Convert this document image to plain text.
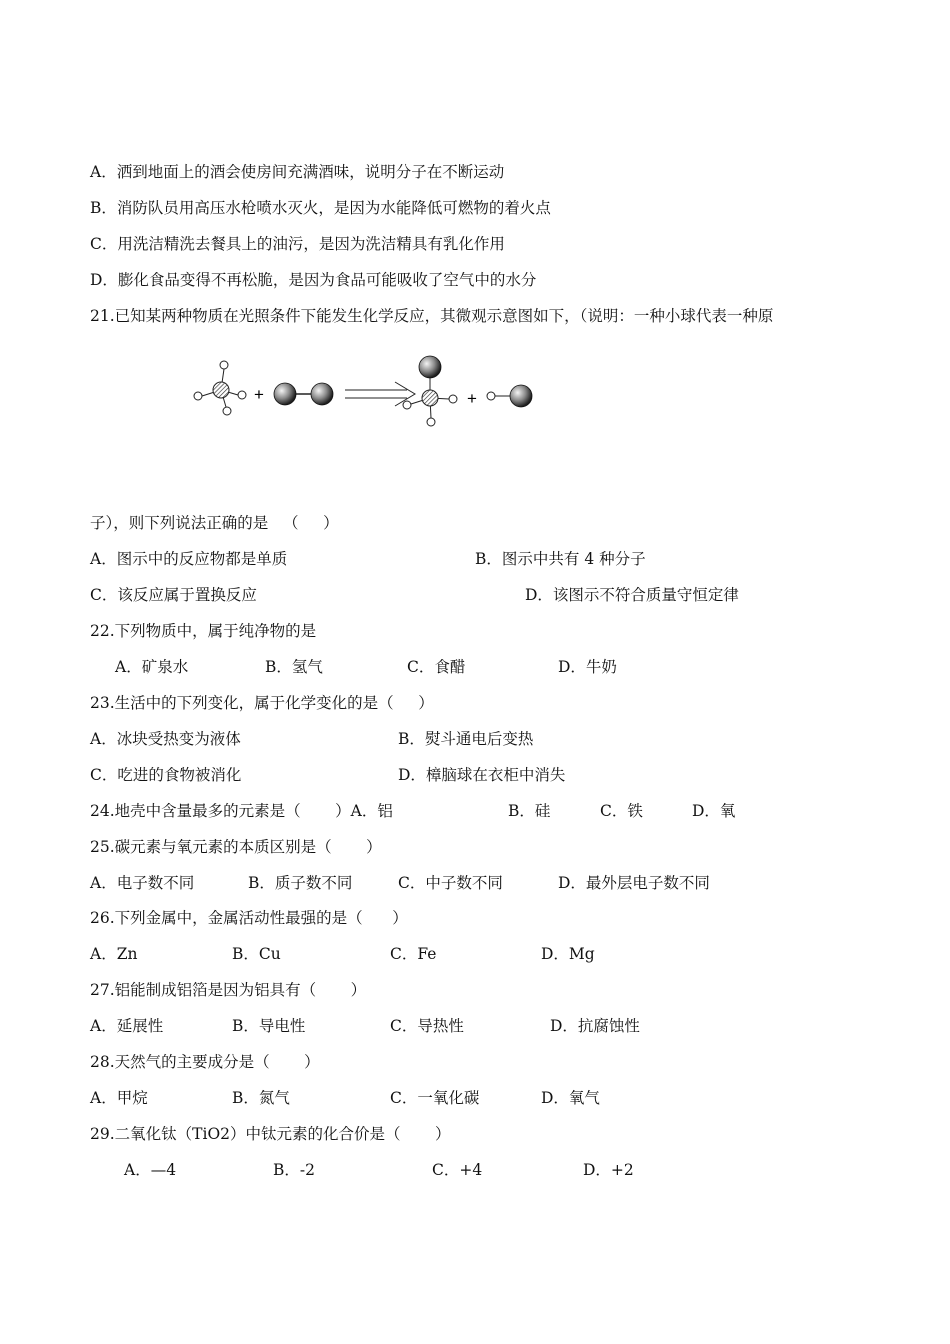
A．洒到地面上的酒会使房间充满酒味，说明分子在不断运动
B．消防队员用高压水枪喷水灭火，是因为水能降低可燃物的着火点
C．用洗洁精洗去餐具上的油污，是因为洗洁精具有乳化作用
D．膨化食品变得不再松脆，是因为食品可能吸收了空气中的水分
21.已知某两种物质在光照条件下能发生化学反应，其微观示意图如下，（说明：一种小球代表一种原
+	+
子），则下列说法正确的是   （     ）
A．图示中的反应物都是单质	B．图示中共有 4 种分子
C．该反应属于置换反应	D．该图示不符合质量守恒定律
22.下列物质中，属于纯净物的是
A．矿泉水	B．氢气	C．食醋	D．牛奶
23.生活中的下列变化，属于化学变化的是（     ）
A．冰块受热变为液体	B．熨斗通电后变热
C．吃进的食物被消化	D．樟脑球在衣柜中消失
24.地壳中含量最多的元素是（       ）A．铝	B．硅	C．铁	D．氧
25.碳元素与氧元素的本质区别是（       ）
A．电子数不同	B．质子数不同	C．中子数不同	D．最外层电子数不同
26.下列金属中，金属活动性最强的是（      ）
A．Zn	B．Cu	C．Fe	D．Mg
27.铝能制成铝箔是因为铝具有（       ）
A．延展性	B．导电性	C．导热性	D．抗腐蚀性
28.天然气的主要成分是（       ）
A．甲烷	B．氮气	C．一氧化碳	D．氧气
29.二氧化钛（TiO2）中钛元素的化合价是（       ）
A．—4	B．-2	C．+4	D．+2
